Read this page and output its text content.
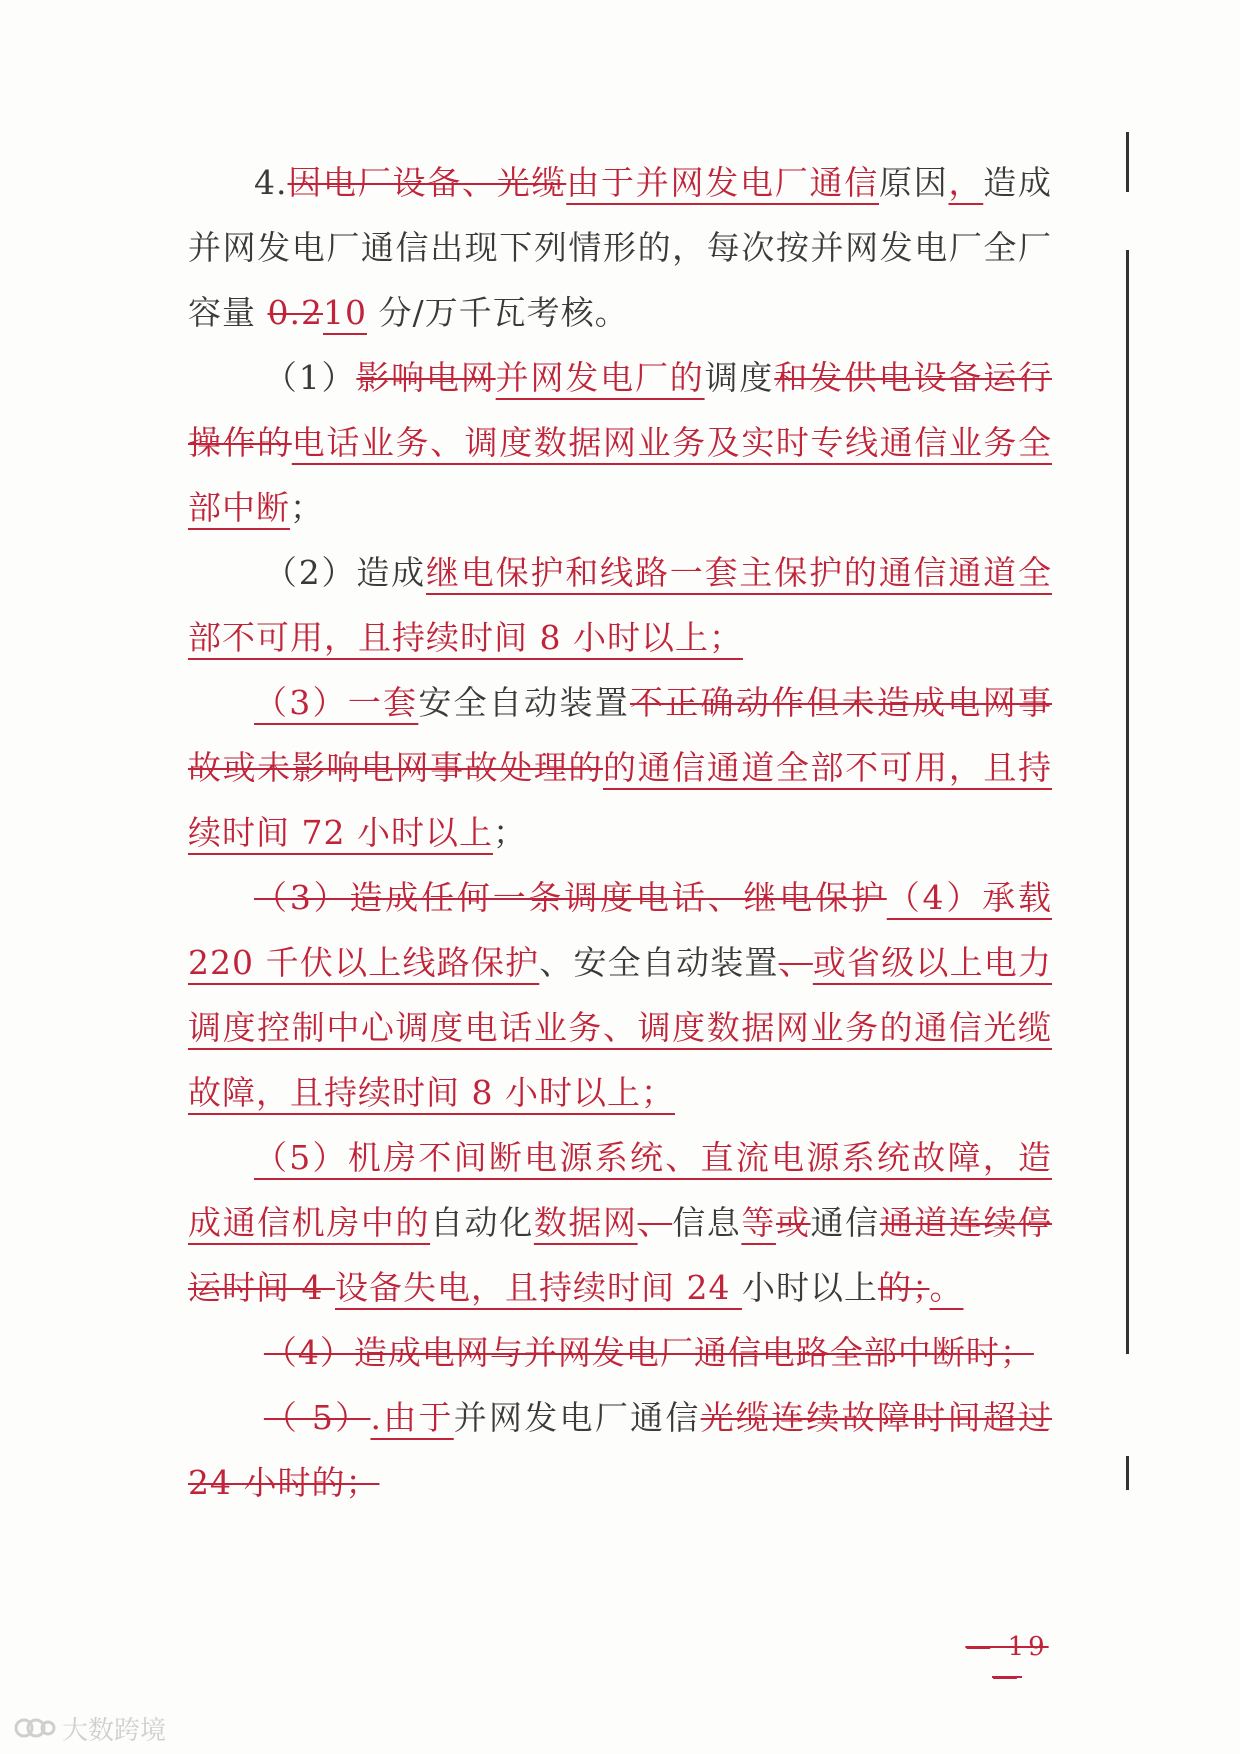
4.因电厂设备、光缆由于并网发电厂通信原因，造成并网发电厂通信出现下列情形的，每次按并网发电厂全厂容量 0.210 分/万千瓦考核。

（1）影响电网并网发电厂的调度和发供电设备运行操作的电话业务、调度数据网业务及实时专线通信业务全部中断；

（2）造成继电保护和线路一套主保护的通信通道全部不可用，且持续时间 8 小时以上；

（3）一套安全自动装置不正确动作但未造成电网事故或未影响电网事故处理的的通信通道全部不可用，且持续时间 72 小时以上；

（3）造成任何一条调度电话、继电保护（4）承载 220 千伏以上线路保护、安全自动装置、或省级以上电力调度控制中心调度电话业务、调度数据网业务的通信光缆故障，且持续时间 8 小时以上；

（5）机房不间断电源系统、直流电源系统故障，造成通信机房中的自动化数据网、信息等或通信通道连续停运时间 4 设备失电，且持续时间 24 小时以上的；。

（4）造成电网与并网发电厂通信电路全部中断时；

（ 5）.由于并网发电厂通信光缆连续故障时间超过 24 小时的；

— 19 —
大数跨境
